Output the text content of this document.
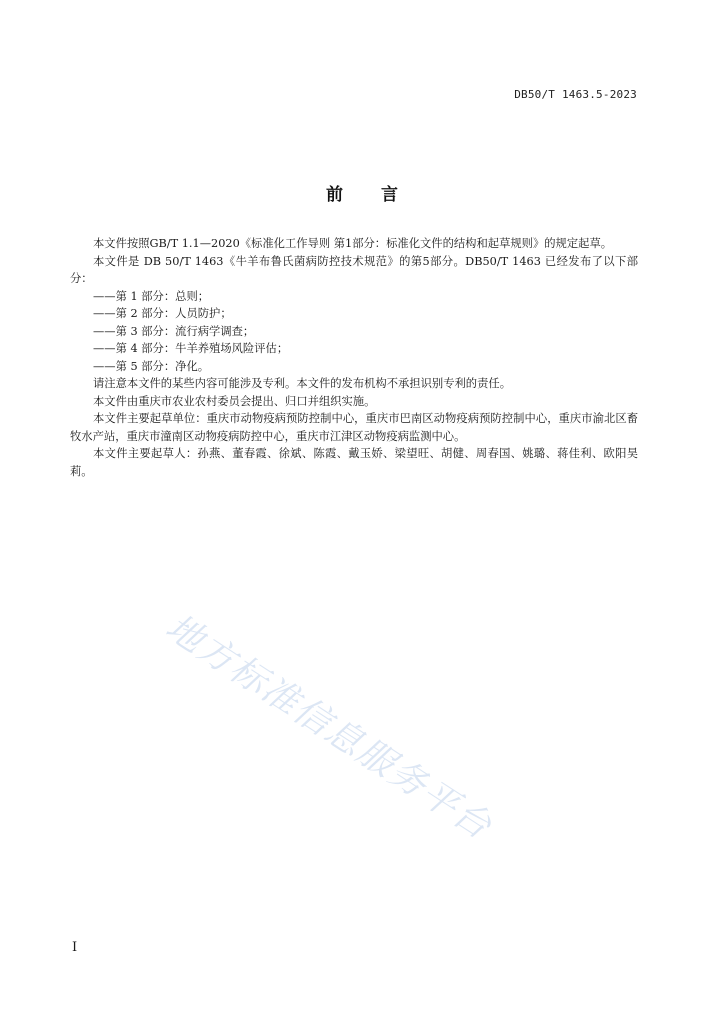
DB50/T 1463.5-2023
前言

本文件按照GB/T 1.1—2020《标准化工作导则 第1部分：标准化文件的结构和起草规则》的规定起草。

本文件是 DB 50/T 1463《牛羊布鲁氏菌病防控技术规范》的第5部分。DB50/T 1463 已经发布了以下部分：

——第 1 部分：总则；

——第 2 部分：人员防护；

——第 3 部分：流行病学调查；

——第 4 部分：牛羊养殖场风险评估；

——第 5 部分：净化。

请注意本文件的某些内容可能涉及专利。本文件的发布机构不承担识别专利的责任。

本文件由重庆市农业农村委员会提出、归口并组织实施。

本文件主要起草单位：重庆市动物疫病预防控制中心，重庆市巴南区动物疫病预防控制中心，重庆市渝北区畜牧水产站，重庆市潼南区动物疫病防控中心，重庆市江津区动物疫病监测中心。

本文件主要起草人：孙燕、董春霞、徐斌、陈霞、戴玉娇、梁望旺、胡健、周春国、姚璐、蒋佳利、欧阳昊莉。

地方标准信息服务平台
I
